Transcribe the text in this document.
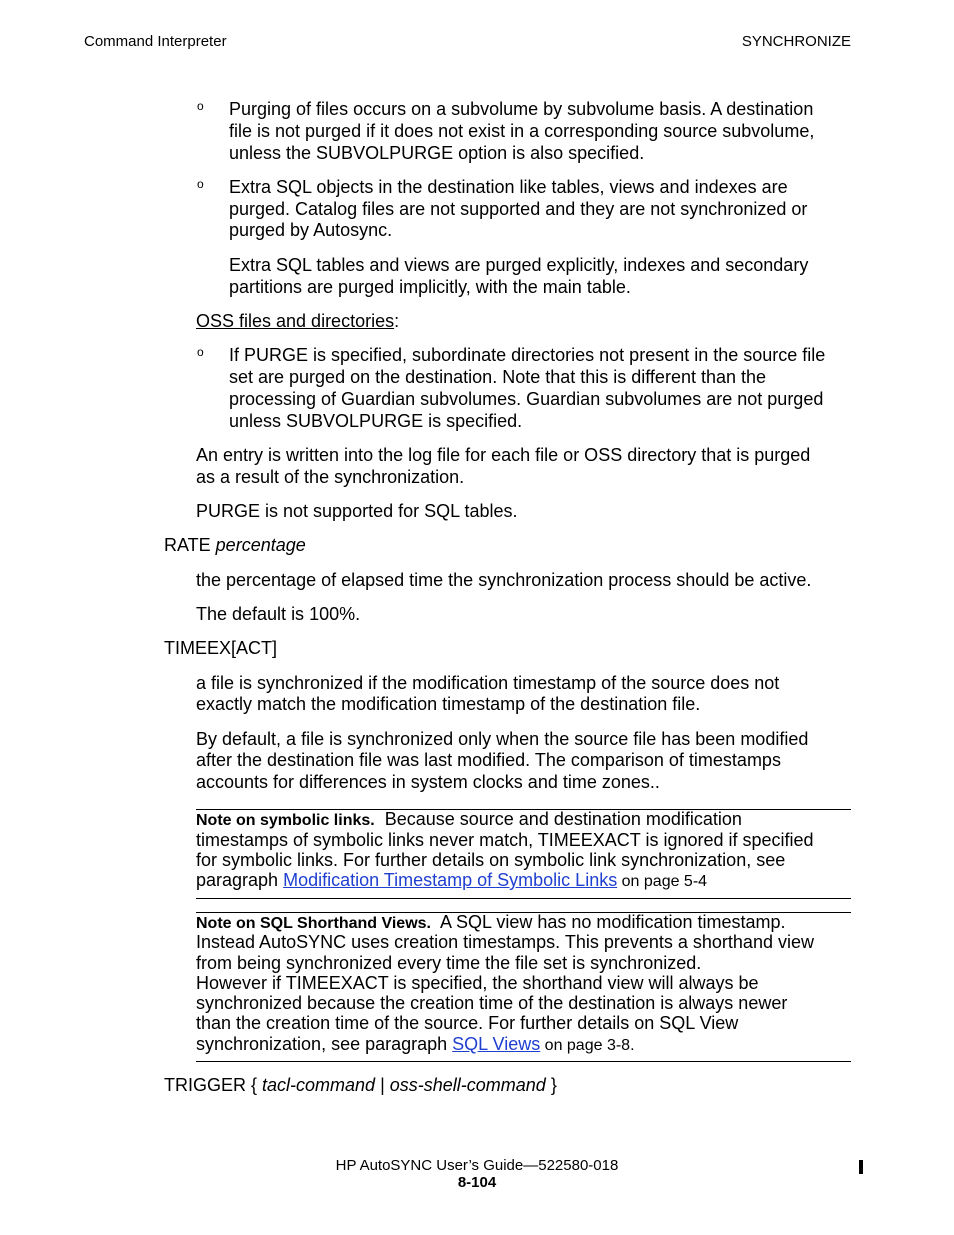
Command Interpreter	SYNCHRONIZE
o Purging of files occurs on a subvolume by subvolume basis. A destination
file is not purged if it does not exist in a corresponding source subvolume,
unless the SUBVOLPURGE option is also specified.
o Extra SQL objects in the destination like tables, views and indexes are
purged. Catalog files are not supported and they are not synchronized or
purged by Autosync.
Extra SQL tables and views are purged explicitly, indexes and secondary
partitions are purged implicitly, with the main table.
OSS files and directories:
o If PURGE is specified, subordinate directories not present in the source file
set are purged on the destination. Note that this is different than the
processing of Guardian subvolumes. Guardian subvolumes are not purged
unless SUBVOLPURGE is specified.
An entry is written into the log file for each file or OSS directory that is purged
as a result of the synchronization.
PURGE is not supported for SQL tables.
RATE percentage
the percentage of elapsed time the synchronization process should be active.
The default is 100%.
TIMEEX[ACT]
a file is synchronized if the modification timestamp of the source does not
exactly match the modification timestamp of the destination file.
By default, a file is synchronized only when the source file has been modified
after the destination file was last modified. The comparison of timestamps
accounts for differences in system clocks and time zones..
Note on symbolic links. Because source and destination modification
timestamps of symbolic links never match, TIMEEXACT is ignored if specified
for symbolic links. For further details on symbolic link synchronization, see
paragraph Modification Timestamp of Symbolic Links on page 5-4
Note on SQL Shorthand Views. A SQL view has no modification timestamp.
Instead AutoSYNC uses creation timestamps. This prevents a shorthand view
from being synchronized every time the file set is synchronized.
However if TIMEEXACT is specified, the shorthand view will always be
synchronized because the creation time of the destination is always newer
than the creation time of the source. For further details on SQL View
synchronization, see paragraph SQL Views on page 3-8.
TRIGGER { tacl-command | oss-shell-command }
HP AutoSYNC User’s Guide—522580-018
8-104
